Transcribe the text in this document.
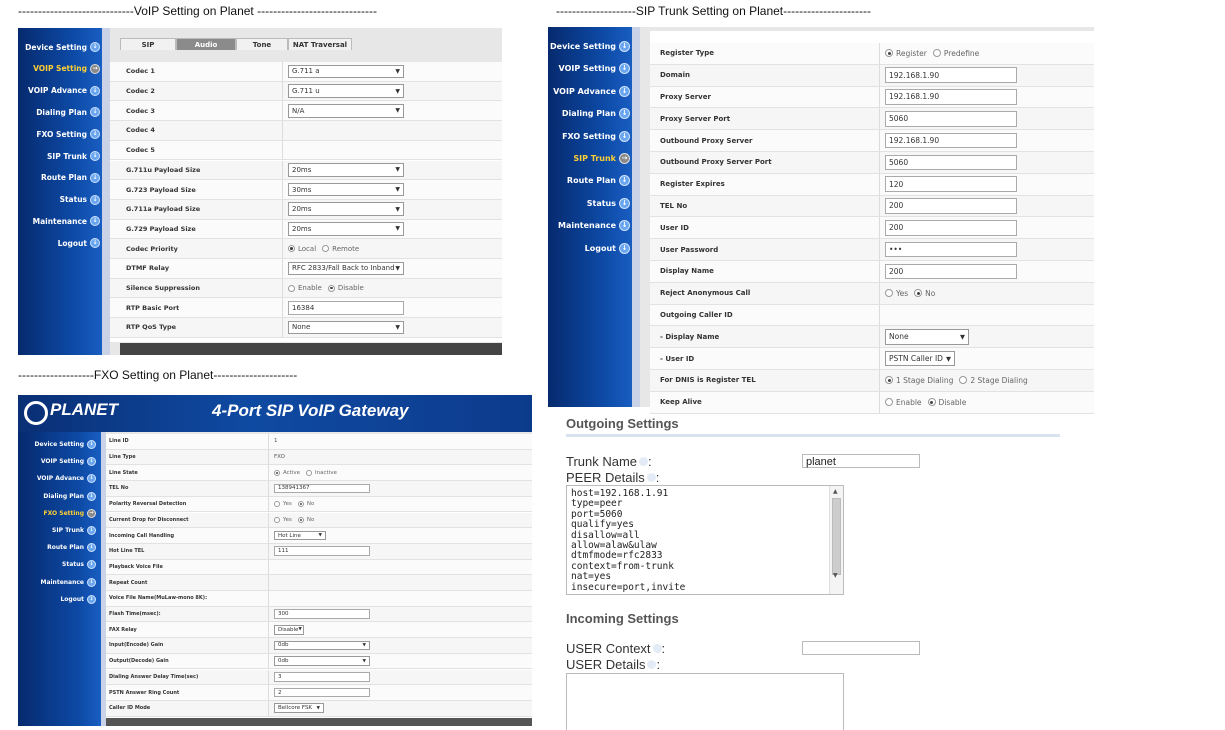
-----------------------------VoIP Setting on Planet ------------------------------	--------------------SIP Trunk Setting on Planet----------------------
-------------------FXO Setting on Planet---------------------
Device Setting ↓
VOIP Setting →
VOIP Advance ↓
Dialing Plan ↓
FXO Setting ↓
SIP Trunk ↓
Route Plan ↓
Status ↓
Maintenance ↓
Logout ↓
SIP	Audio	Tone	NAT Traversal
Codec 1	G.711 a	▼
Codec 2	G.711 u	▼
Codec 3	N/A	▼
Codec 4
Codec 5
G.711u Payload Size	20ms	▼
G.723 Payload Size	30ms	▼
G.711a Payload Size	20ms	▼
G.729 Payload Size	20ms	▼
Codec Priority	Local Remote
DTMF Relay	RFC 2833/Fall Back to Inband ▼
Silence Suppression	Enable Disable
RTP Basic Port	16384
RTP QoS Type	None	▼
Device Setting ↓
VOIP Setting ↓
VOIP Advance ↓
Dialing Plan ↓
FXO Setting ↓
SIP Trunk →
Route Plan ↓
Status ↓
Maintenance ↓
Logout ↓
Register Type	Register Predefine
Domain	192.168.1.90
Proxy Server	192.168.1.90
Proxy Server Port	5060
Outbound Proxy Server	192.168.1.90
Outbound Proxy Server Port	5060
Register Expires	120
TEL No	200
User ID	200
User Password	•••
Display Name	200
Reject Anonymous Call	Yes No
Outgoing Caller ID
- Display Name	None	▼
- User ID	PSTN Caller ID ▼
For DNIS is Register TEL	1 Stage Dialing 2 Stage Dialing
Keep Alive	Enable Disable
PLANET	4-Port SIP VoIP Gateway
Device Setting	↓
VOIP Setting	↓
VOIP Advance	↓
Dialing Plan	↓
FXO Setting	→
SIP Trunk	↓
Route Plan	↓
Status	↓
Maintenance	↓
Logout	↓
Line ID	1
Line Type	FXO
Line State	Active	Inactive
TEL No	138941367
Polarity Reversal Detection	Yes	No
Current Drop for Disconnect	Yes	No
Incoming Call Handling	Hot Line	▼
Hot Line TEL	111
Playback Voice File
Repeat Count
Voice File Name(MuLaw-mono 8K):
Flash Time(msec):	300
FAX Relay	Disable ▼
Input(Encode) Gain	0db	▼
Output(Decode) Gain	0db	▼
Dialing Answer Delay Time(sec)	3
PSTN Answer Ring Count	2
Caller ID Mode	Bellcore FSK ▼
Outgoing Settings
Trunk Name :	planet
PEER Details :
host=192.168.1.91
type=peer
port=5060
qualify=yes
disallow=all
allow=alaw&ulaw
dtmfmode=rfc2833
context=from-trunk
nat=yes
insecure=port,invite
▲
▼
Incoming Settings
USER Context :
USER Details :
